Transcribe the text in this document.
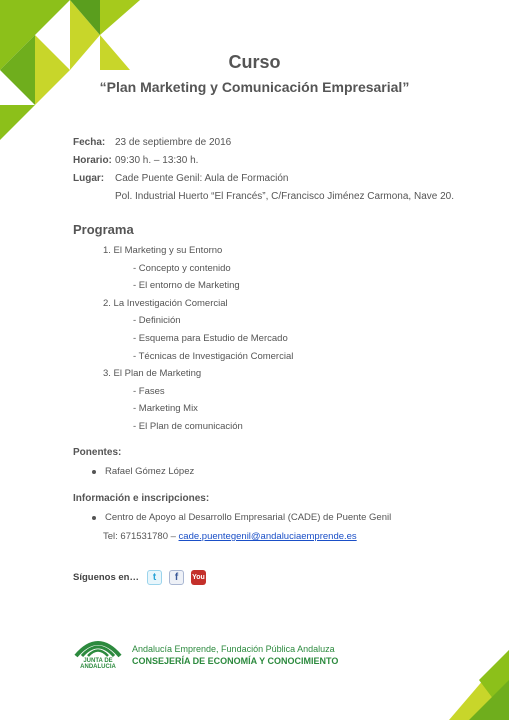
Curso
“Plan Marketing y Comunicación Empresarial”
Fecha: 23 de septiembre de 2016
Horario: 09:30 h. – 13:30 h.
Lugar:	Cade Puente Genil: Aula de Formación
Pol. Industrial Huerto “El Francés”, C/Francisco Jiménez Carmona, Nave 20.
Programa
1. El Marketing y su Entorno
- Concepto y contenido
- El entorno de Marketing
2. La Investigación Comercial
- Definición
- Esquema para Estudio de Mercado
- Técnicas de Investigación Comercial
3. El Plan de Marketing
- Fases
- Marketing Mix
- El Plan de comunicación
Ponentes:
Rafael Gómez López
Información e inscripciones:
Centro de Apoyo al Desarrollo Empresarial (CADE) de Puente Genil
Tel: 671531780 – cade.puentegenil@andaluciaemprende.es
Síguenos en…	t	f	You
JUNTA DE ANDALUCIA
Andalucía Emprende, Fundación Pública Andaluza
CONSEJERÍA DE ECONOMÍA Y CONOCIMIENTO
